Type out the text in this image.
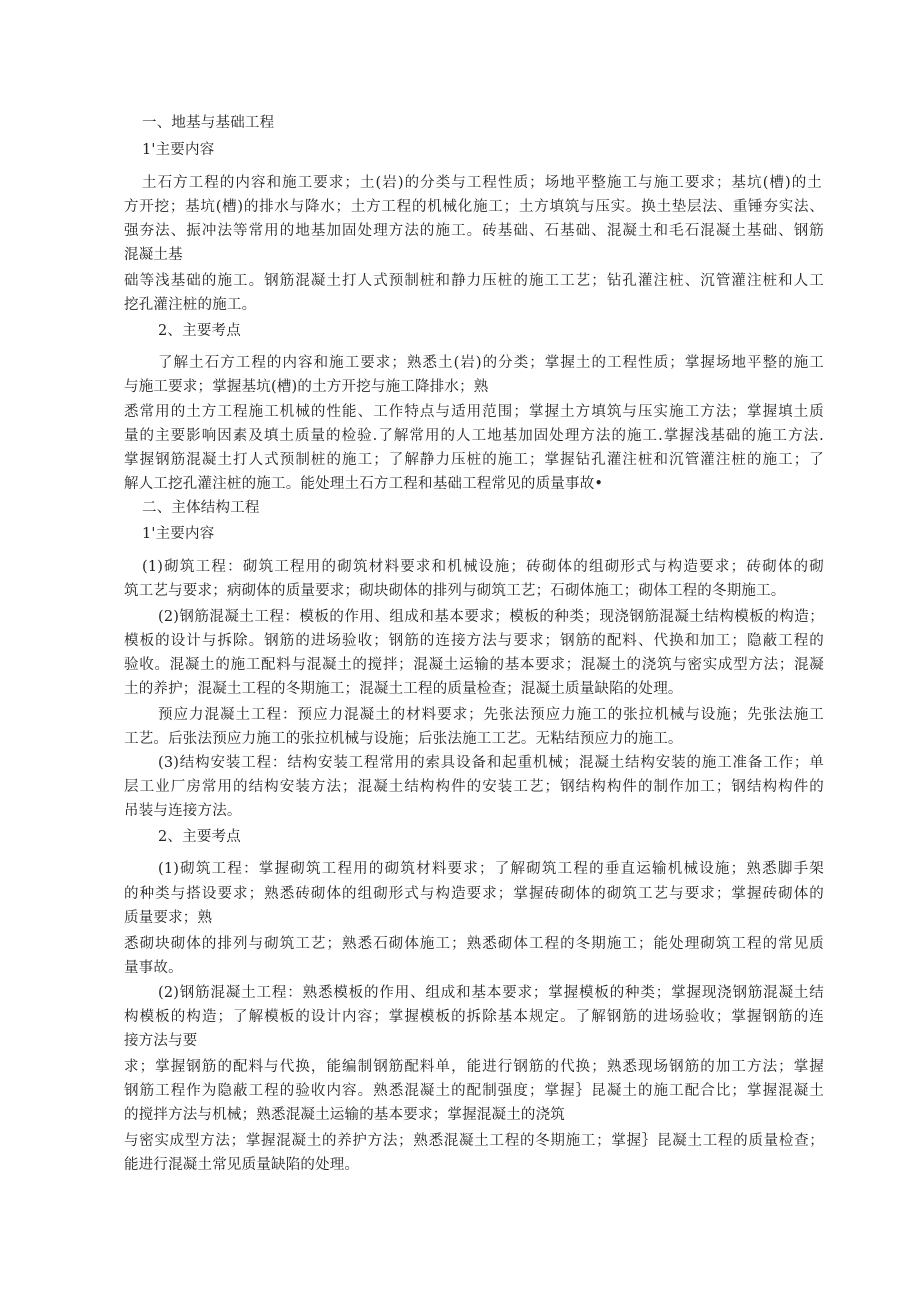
一、地基与基础工程
1'主要内容
土石方工程的内容和施工要求；土(岩)的分类与工程性质；场地平整施工与施工要求；基坑(槽)的土
方开挖；基坑(槽)的排水与降水；土方工程的机械化施工；土方填筑与压实。换土垫层法、重锤夯实法、
强夯法、振冲法等常用的地基加固处理方法的施工。砖基础、石基础、混凝土和毛石混凝土基础、钢筋
混凝土基
础等浅基础的施工。钢筋混凝土打人式预制桩和静力压桩的施工工艺；钻孔灌注桩、沉管灌注桩和人工
挖孔灌注桩的施工。
2、主要考点
了解土石方工程的内容和施工要求；熟悉土(岩)的分类；掌握土的工程性质；掌握场地平整的施工
与施工要求；掌握基坑(槽)的土方开挖与施工降排水；熟
悉常用的土方工程施工机械的性能、工作特点与适用范围；掌握土方填筑与压实施工方法；掌握填土质
量的主要影响因素及填土质量的检验.了解常用的人工地基加固处理方法的施工.掌握浅基础的施工方法.
掌握钢筋混凝土打人式预制桩的施工；了解静力压桩的施工；掌握钻孔灌注桩和沉管灌注桩的施工；了
解人工挖孔灌注桩的施工。能处理土石方工程和基础工程常见的质量事故•
二、主体结构工程
1'主要内容
(1)砌筑工程：砌筑工程用的砌筑材料要求和机械设施；砖砌体的组砌形式与构造要求；砖砌体的砌
筑工艺与要求；病砌体的质量要求；砌块砌体的排列与砌筑工艺；石砌体施工；砌体工程的冬期施工。
(2)钢筋混凝土工程：模板的作用、组成和基本要求；模板的种类；现浇钢筋混凝土结构模板的构造；
模板的设计与拆除。钢筋的进场验收；钢筋的连接方法与要求；钢筋的配料、代换和加工；隐蔽工程的
验收。混凝土的施工配料与混凝土的搅拌；混凝土运输的基本要求；混凝土的浇筑与密实成型方法；混凝
土的养护；混凝土工程的冬期施工；混凝土工程的质量检查；混凝土质量缺陷的处理。
预应力混凝土工程：预应力混凝土的材料要求；先张法预应力施工的张拉机械与设施；先张法施工
工艺。后张法预应力施工的张拉机械与设施；后张法施工工艺。无粘结预应力的施工。
(3)结构安装工程：结构安装工程常用的索具设备和起重机械；混凝土结构安装的施工准备工作；单
层工业厂房常用的结构安装方法；混凝土结构构件的安装工艺；钢结构构件的制作加工；钢结构构件的
吊装与连接方法。
2、主要考点
(1)砌筑工程：掌握砌筑工程用的砌筑材料要求；了解砌筑工程的垂直运输机械设施；熟悉脚手架
的种类与搭设要求；熟悉砖砌体的组砌形式与构造要求；掌握砖砌体的砌筑工艺与要求；掌握砖砌体的
质量要求；熟
悉砌块砌体的排列与砌筑工艺；熟悉石砌体施工；熟悉砌体工程的冬期施工；能处理砌筑工程的常见质
量事故。
(2)钢筋混凝土工程：熟悉模板的作用、组成和基本要求；掌握模板的种类；掌握现浇钢筋混凝土结
构模板的构造；了解模板的设计内容；掌握模板的拆除基本规定。了解钢筋的进场验收；掌握钢筋的连
接方法与要
求；掌握钢筋的配料与代换，能编制钢筋配料单，能进行钢筋的代换；熟悉现场钢筋的加工方法；掌握
钢筋工程作为隐蔽工程的验收内容。熟悉混凝土的配制强度；掌握｝昆凝土的施工配合比；掌握混凝土
的搅拌方法与机械；熟悉混凝土运输的基本要求；掌握混凝土的浇筑
与密实成型方法；掌握混凝土的养护方法；熟悉混凝土工程的冬期施工；掌握｝昆凝土工程的质量检查；
能进行混凝土常见质量缺陷的处理。
